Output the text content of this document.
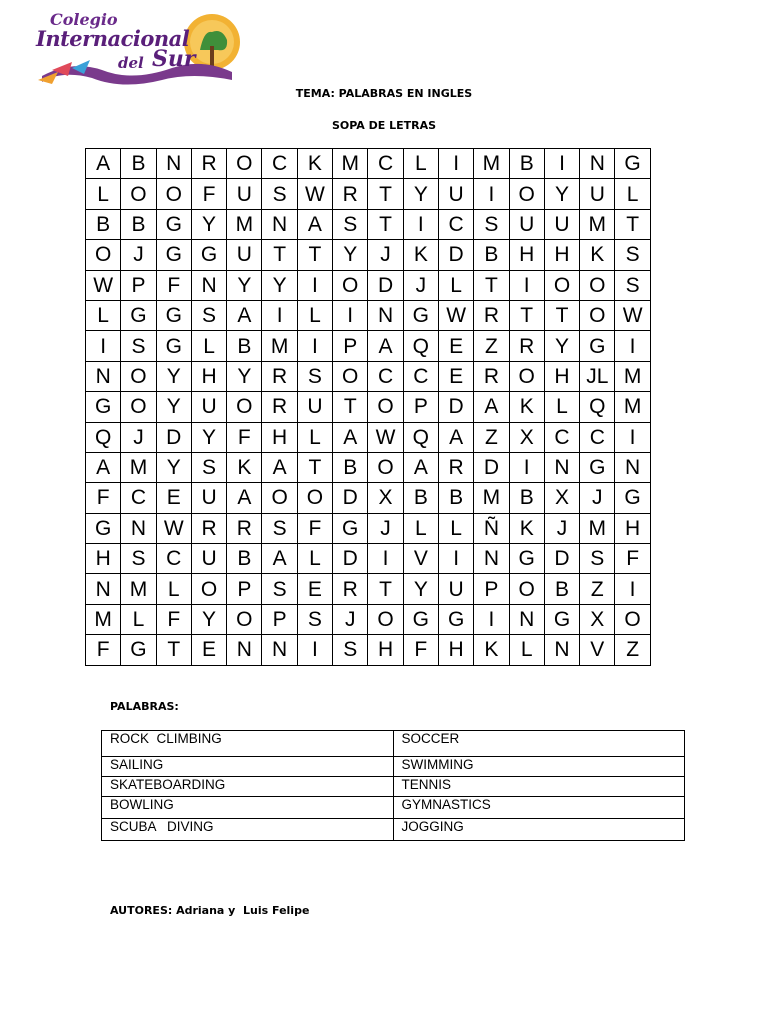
Colegio
Internacional
del Sur
TEMA: PALABRAS EN INGLES
SOPA DE LETRAS
A	B	N	R	O	C	K	M	C	L	I	M	B	I	N	G
L	O	O	F	U	S	W	R	T	Y	U	I	O	Y	U	L
B	B	G	Y	M	N	A	S	T	I	C	S	U	U	M	T
O	J	G	G	U	T	T	Y	J	K	D	B	H	H	K	S
W	P	F	N	Y	Y	I	O	D	J	L	T	I	O	O	S
L	G	G	S	A	I	L	I	N	G	W	R	T	T	O	W
I	S	G	L	B	M	I	P	A	Q	E	Z	R	Y	G	I
N	O	Y	H	Y	R	S	O	C	C	E	R	O	H	JL	M
G	O	Y	U	O	R	U	T	O	P	D	A	K	L	Q	M
Q	J	D	Y	F	H	L	A	W	Q	A	Z	X	C	C	I
A	M	Y	S	K	A	T	B	O	A	R	D	I	N	G	N
F	C	E	U	A	O	O	D	X	B	B	M	B	X	J	G
G	N	W	R	R	S	F	G	J	L	L	Ñ	K	J	M	H
H	S	C	U	B	A	L	D	I	V	I	N	G	D	S	F
N	M	L	O	P	S	E	R	T	Y	U	P	O	B	Z	I
M	L	F	Y	O	P	S	J	O	G	G	I	N	G	X	O
F	G	T	E	N	N	I	S	H	F	H	K	L	N	V	Z
PALABRAS:
ROCK  CLIMBING	SOCCER
SAILING	SWIMMING
SKATEBOARDING	TENNIS
BOWLING	GYMNASTICS
SCUBA   DIVING	JOGGING
AUTORES: Adriana y  Luis Felipe
